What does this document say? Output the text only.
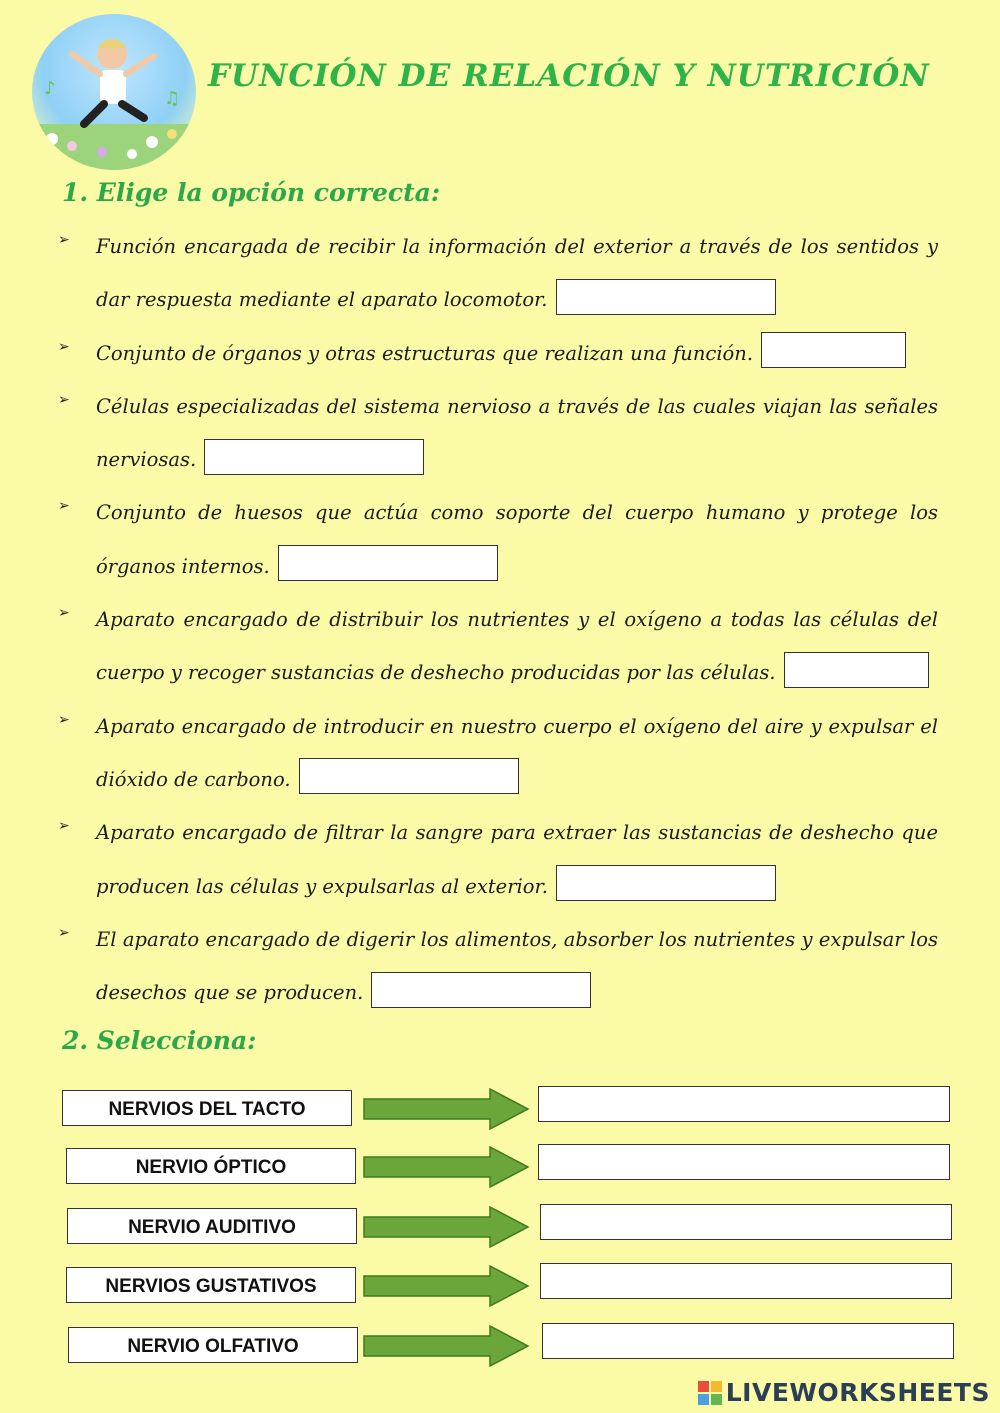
♪	♫
FUNCIÓN DE RELACIÓN Y NUTRICIÓN
1. Elige la opción correcta:
➢ Función encargada de recibir la información del exterior a través de los sentidos y dar respuesta mediante el aparato locomotor.

➢ Conjunto de órganos y otras estructuras que realizan una función.

➢ Células especializadas del sistema nervioso a través de las cuales viajan las señales nerviosas.

➢ Conjunto de huesos que actúa como soporte del cuerpo humano y protege los órganos internos.

➢ Aparato encargado de distribuir los nutrientes y el oxígeno a todas las células del cuerpo y recoger sustancias de deshecho producidas por las células.

➢ Aparato encargado de introducir en nuestro cuerpo el oxígeno del aire y expulsar el dióxido de carbono.

➢ Aparato encargado de filtrar la sangre para extraer las sustancias de deshecho que producen las células y expulsarlas al exterior.

➢ El aparato encargado de digerir los alimentos, absorber los nutrientes y expulsar los desechos que se producen.

2. Selecciona:
NERVIOS DEL TACTO
NERVIO ÓPTICO
NERVIO AUDITIVO
NERVIOS GUSTATIVOS
NERVIO OLFATIVO
LIVEWORKSHEETS
